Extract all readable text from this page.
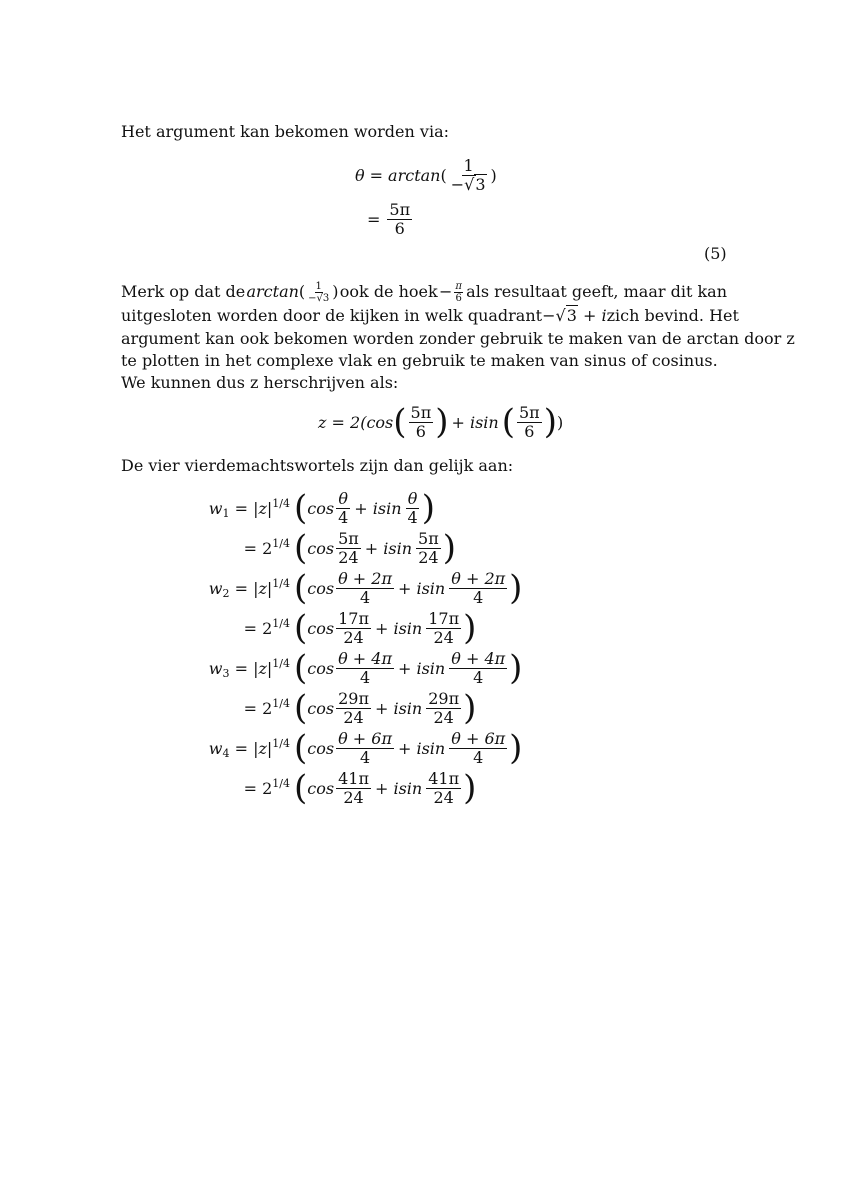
Het argument kan bekomen worden via:
θ = arctan ( $\frac{1}{-√3}$ )
= $\frac{5\pi}{6}$
(5)
Merk op dat de $\arctan( \frac{1}{-√3}$ ) ook de hoek − $\frac{\pi}{6}$ als resultaat geeft, maar dit kan
uitgesloten worden door de kijken in welk quadrant −√3 + i zich bevind. Het
argument kan ook bekomen worden zonder gebruik te maken van de arctan door z
te plotten in het complexe vlak en gebruik te maken van sinus of cosinus.
We kunnen dus z herschrijven als:
z = 2( cos ( $\frac{5\pi}{6}$ ) + isin ( $\frac{5\pi}{6}$ ) )
De vier vierdemachtswortels zijn dan gelijk aan:
$w_1 = |z|^{1/4}$ ( $\cos \frac{\theta}{4} + isin \frac{\theta}{4}$ )
= $2^{1/4}$ ( $\cos \frac{5\pi}{24} + isin \frac{5\pi}{24}$ )
$w_2 = |z|^{1/4}$ ( $\cos \frac{\theta + 2\pi}{4} + isin \frac{\theta + 2\pi}{4}$ )
= $2^{1/4}$ ( $\cos \frac{17\pi}{24} + isin \frac{17\pi}{24}$ )
$w_3 = |z|^{1/4}$ ( $\cos \frac{\theta + 4\pi}{4} + isin \frac{\theta + 4\pi}{4}$ )
= $2^{1/4}$ ( $\cos \frac{29\pi}{24} + isin \frac{29\pi}{24}$ )
$w_4 = |z|^{1/4}$ ( $\cos \frac{\theta + 6\pi}{4} + isin \frac{\theta + 6\pi}{4}$ )
= $2^{1/4}$ ( $\cos \frac{41\pi}{24} + isin \frac{41\pi}{24}$ )
